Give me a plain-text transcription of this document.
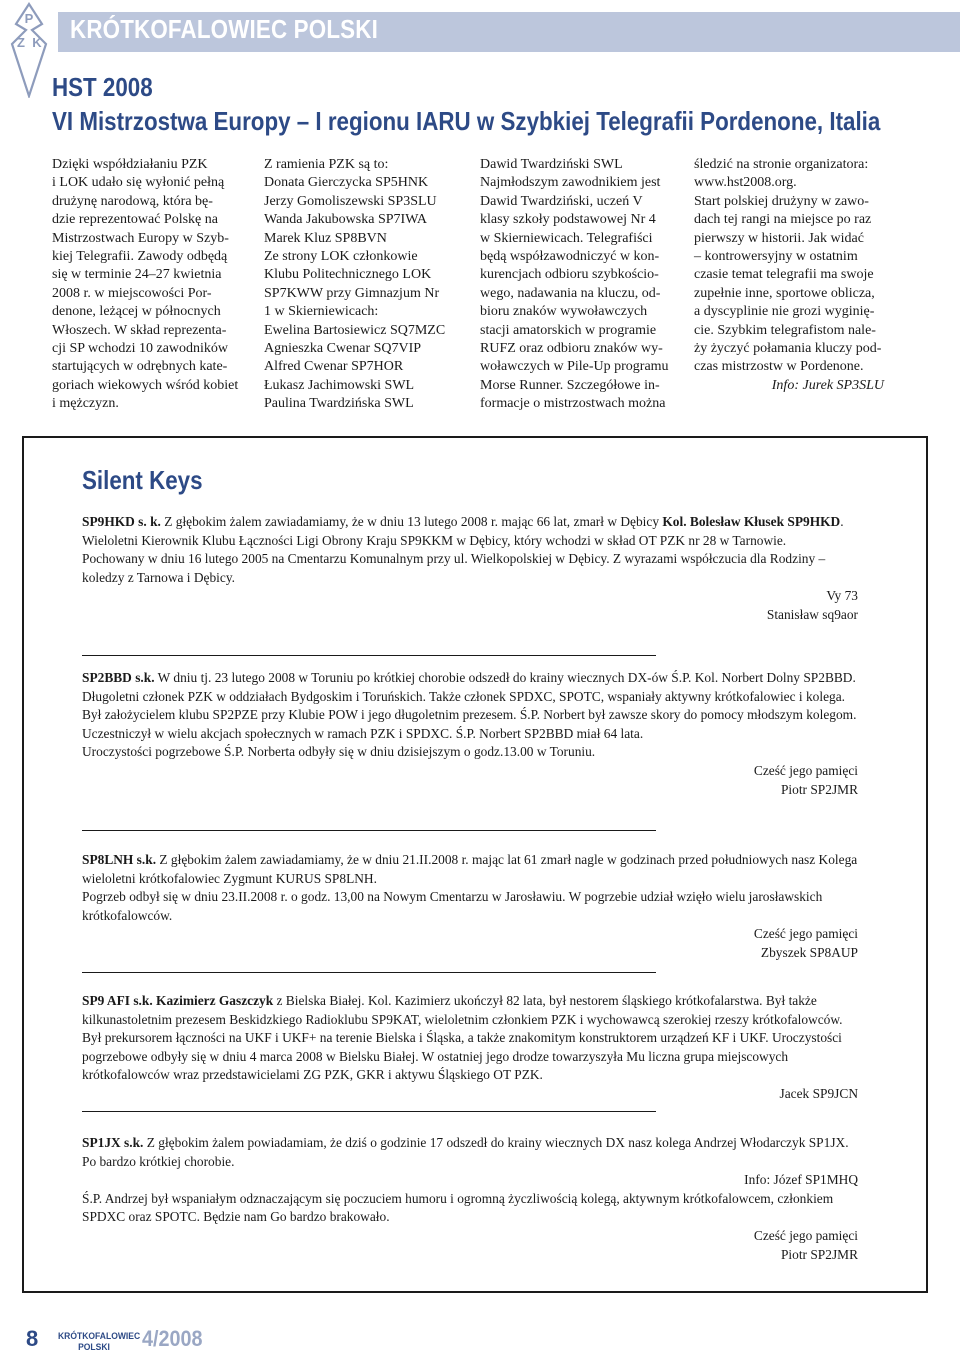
P
Z K KRÓTKOFALOWIEC POLSKI
HST 2008
VI Mistrzostwa Europy – I regionu IARU w Szybkiej Telegrafii Pordenone, Italia
Dzięki współdziałaniu PZK
i LOK udało się wyłonić pełną
drużynę narodową, która bę-
dzie reprezentować Polskę na
Mistrzostwach Europy w Szyb-
kiej Telegrafii. Zawody odbędą
się w terminie 24–27 kwietnia
2008 r. w miejscowości Por-
denone, leżącej w północnych
Włoszech. W skład reprezenta-
cji SP wchodzi 10 zawodników
startujących w odrębnych kate-
goriach wiekowych wśród kobiet
i mężczyzn.
Z ramienia PZK są to:
Donata Gierczycka SP5HNK
Jerzy Gomoliszewski SP3SLU
Wanda Jakubowska SP7IWA
Marek Kluz SP8BVN
Ze strony LOK członkowie
Klubu Politechnicznego LOK
SP7KWW przy Gimnazjum Nr
1 w Skierniewicach:
Ewelina Bartosiewicz SQ7MZC
Agnieszka Cwenar SQ7VIP
Alfred Cwenar SP7HOR
Łukasz Jachimowski SWL
Paulina Twardzińska SWL
Dawid Twardziński SWL
Najmłodszym zawodnikiem jest
Dawid Twardziński, uczeń V
klasy szkoły podstawowej Nr 4
w Skierniewicach. Telegrafiści
będą współzawodniczyć w kon-
kurencjach odbioru szybkościo-
wego, nadawania na kluczu, od-
bioru znaków wywoławczych
stacji amatorskich w programie
RUFZ oraz odbioru znaków wy-
woławczych w Pile-Up programu
Morse Runner. Szczegółowe in-
formacje o mistrzostwach można
śledzić na stronie organizatora:
www.hst2008.org.
Start polskiej drużyny w zawo-
dach tej rangi na miejsce po raz
pierwszy w historii. Jak widać
– kontrowersyjny w ostatnim
czasie temat telegrafii ma swoje
zupełnie inne, sportowe oblicza,
a dyscyplinie nie grozi wyginię-
cie. Szybkim telegrafistom nale-
ży życzyć połamania kluczy pod-
czas mistrzostw w Pordenone.
Info: Jurek SP3SLU
Silent Keys

SP9HKD s. k. Z głębokim żalem zawiadamiamy, że w dniu 13 lutego 2008 r. mając 66 lat, zmarł w Dębicy Kol. Bolesław Kłusek SP9HKD. Wieloletni Kierownik Klubu Łączności Ligi Obrony Kraju SP9KKM w Dębicy, który wchodzi w skład OT PZK nr 28 w Tarnowie.

Pochowany w dniu 16 lutego 2005 na Cmentarzu Komunalnym przy ul. Wielkopolskiej w Dębicy. Z wyrazami współczucia dla Rodziny – koledzy z Tarnowa i Dębicy.

Vy 73

Stanisław sq9aor

SP2BBD s.k. W dniu tj. 23 lutego 2008 w Toruniu po krótkiej chorobie odszedł do krainy wiecznych DX-ów Ś.P. Kol. Norbert Dolny SP2BBD. Długoletni członek PZK w oddziałach Bydgoskim i Toruńskich. Także członek SPDXC, SPOTC, wspaniały aktywny krótkofalowiec i kolega. Był założycielem klubu SP2PZE przy Klubie POW i jego długoletnim prezesem. Ś.P. Norbert był zawsze skory do pomocy młodszym kolegom. Uczestniczył w wielu akcjach społecznych w ramach PZK i SPDXC. Ś.P. Norbert SP2BBD miał 64 lata.

Uroczystości pogrzebowe Ś.P. Norberta odbyły się w dniu dzisiejszym o godz.13.00 w Toruniu.

Cześć jego pamięci

Piotr SP2JMR

SP8LNH s.k. Z głębokim żalem zawiadamiamy, że w dniu 21.II.2008 r. mając lat 61 zmarł nagle w godzinach przed południowych nasz Kolega wieloletni krótkofalowiec Zygmunt KURUS SP8LNH.

Pogrzeb odbył się w dniu 23.II.2008 r. o godz. 13,00 na Nowym Cmentarzu w Jarosławiu. W pogrzebie udział wzięło wielu jarosławskich krótkofalowców.

Cześć jego pamięci

Zbyszek SP8AUP

SP9 AFI s.k. Kazimierz Gaszczyk z Bielska Białej. Kol. Kazimierz ukończył 82 lata, był nestorem śląskiego krótkofalarstwa. Był także kilkunastoletnim prezesem Beskidzkiego Radioklubu SP9KAT, wieloletnim członkiem PZK i wychowawcą szerokiej rzeszy krótkofalowców. Był prekursorem łączności na UKF i UKF+ na terenie Bielska i Śląska, a także znakomitym konstruktorem urządzeń KF i UKF. Uroczystości pogrzebowe odbyły się w dniu 4 marca 2008 w Bielsku Białej. W ostatniej jego drodze towarzyszyła Mu liczna grupa miejscowych krótkofalowców wraz przedstawicielami ZG PZK, GKR i aktywu Śląskiego OT PZK.

Jacek SP9JCN

SP1JX s.k. Z głębokim żalem powiadamiam, że dziś o godzinie 17 odszedł do krainy wiecznych DX nasz kolega Andrzej Włodarczyk SP1JX. Po bardzo krótkiej chorobie.

Info: Józef SP1MHQ

Ś.P. Andrzej był wspaniałym odznaczającym się poczuciem humoru i ogromną życzliwością kolegą, aktywnym krótkofalowcem, członkiem SPDXC oraz SPOTC. Będzie nam Go bardzo brakowało.

Cześć jego pamięci

Piotr SP2JMR

8 KRÓTKOFALOWIEC POLSKI	4/2008
